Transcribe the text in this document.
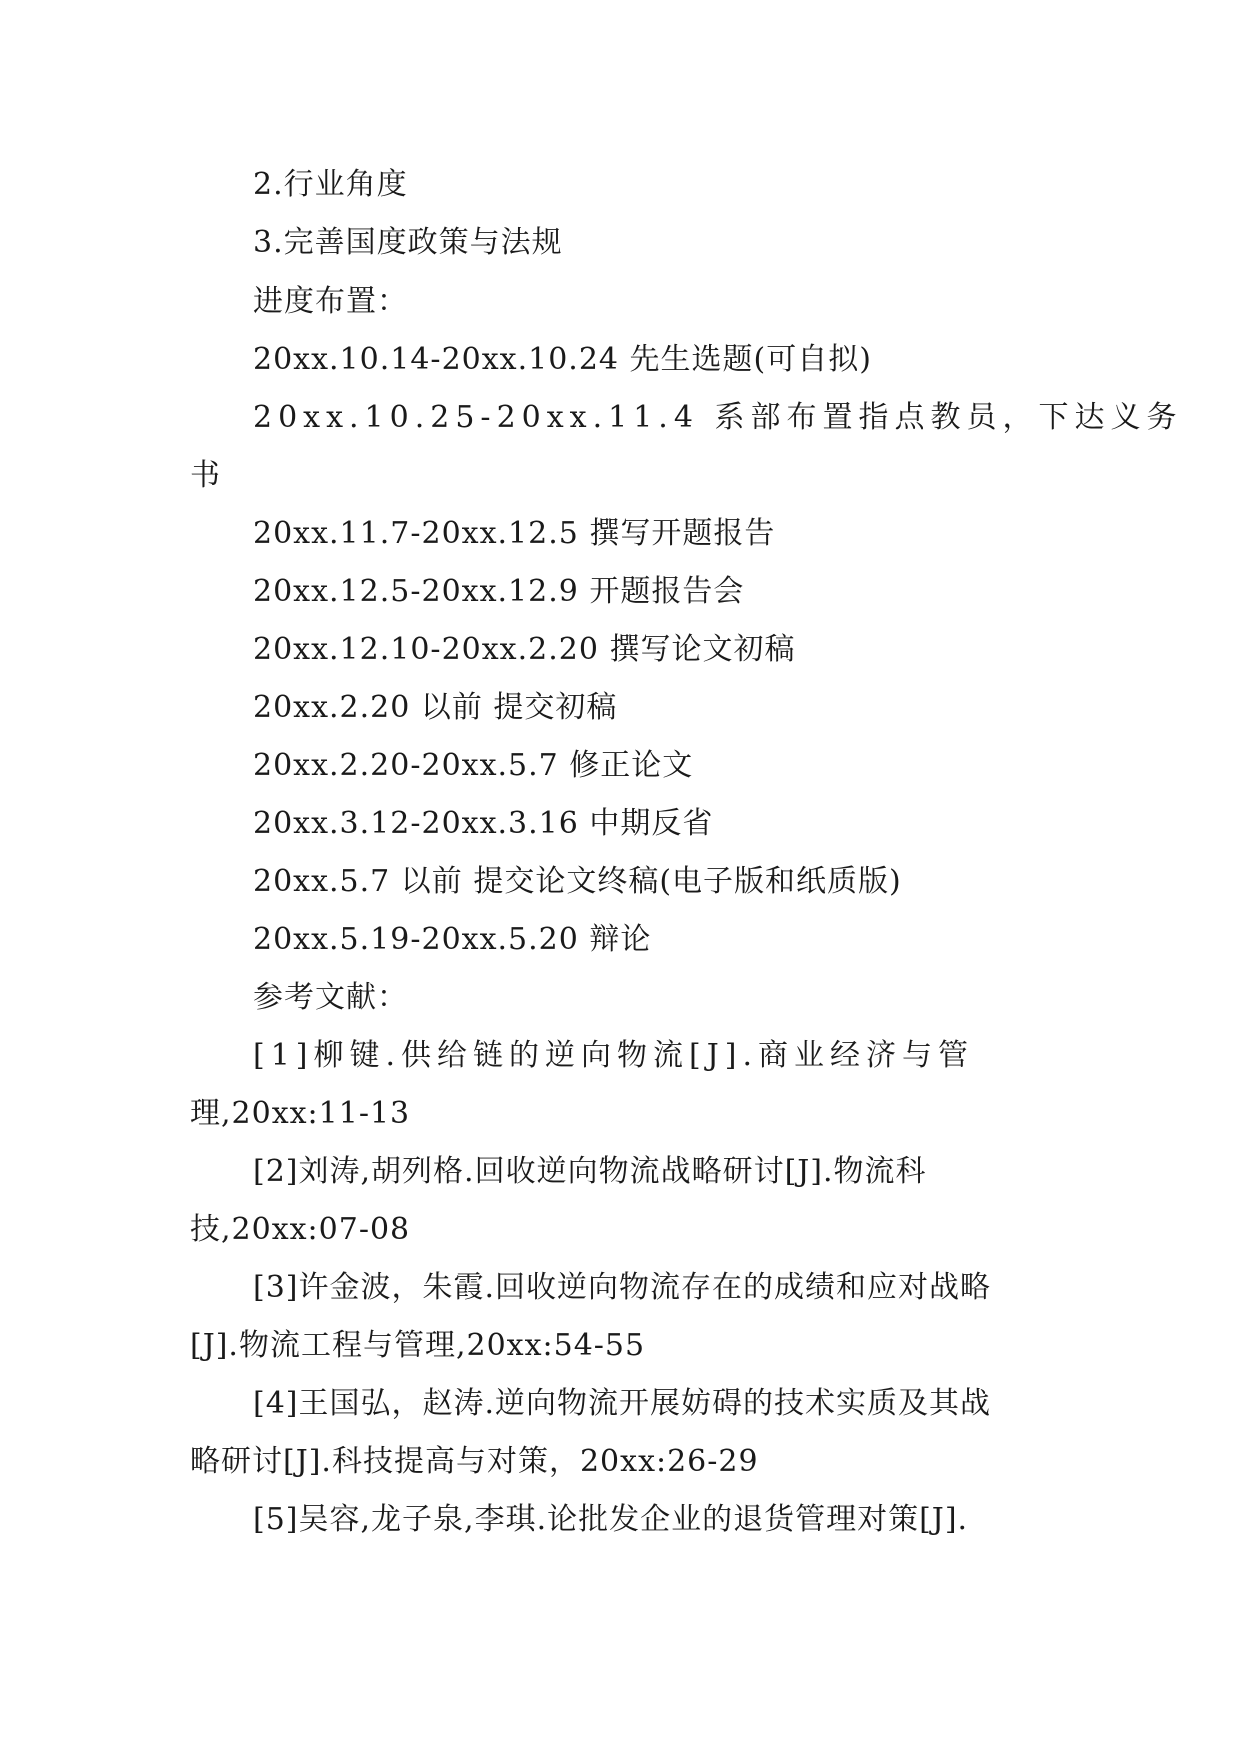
2.行业角度
3.完善国度政策与法规
进度布置：
20xx.10.14-20xx.10.24 先生选题(可自拟)
20xx.10.25-20xx.11.4 系部布置指点教员，下达义务
书
20xx.11.7-20xx.12.5 撰写开题报告
20xx.12.5-20xx.12.9 开题报告会
20xx.12.10-20xx.2.20 撰写论文初稿
20xx.2.20 以前 提交初稿
20xx.2.20-20xx.5.7 修正论文
20xx.3.12-20xx.3.16 中期反省
20xx.5.7 以前 提交论文终稿(电子版和纸质版)
20xx.5.19-20xx.5.20 辩论
参考文献：
[1]柳键.供给链的逆向物流[J].商业经济与管
理,20xx:11-13
[2]刘涛,胡列格.回收逆向物流战略研讨[J].物流科
技,20xx:07-08
[3]许金波，朱霞.回收逆向物流存在的成绩和应对战略
[J].物流工程与管理,20xx:54-55
[4]王国弘，赵涛.逆向物流开展妨碍的技术实质及其战
略研讨[J].科技提高与对策，20xx:26-29
[5]吴容,龙子泉,李琪.论批发企业的退货管理对策[J].
